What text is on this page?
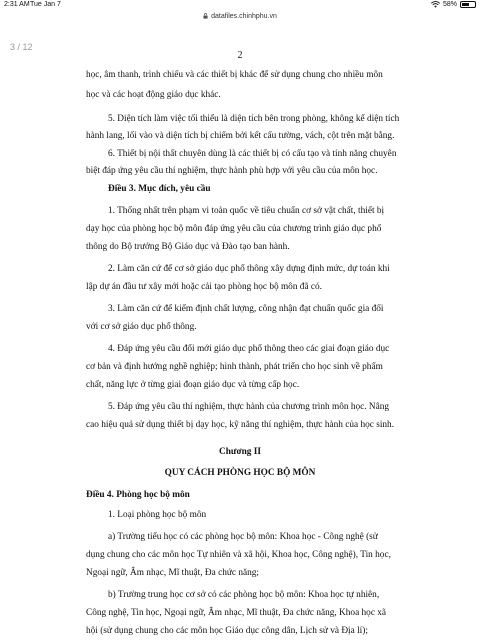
2:31 AM Tue Jan 7	58%
datafiles.chinhphu.vn
3 / 12
2
học, âm thanh, trình chiếu và các thiết bị khác để sử dụng chung cho nhiều môn
học và các hoạt động giáo dục khác.
5. Diện tích làm việc tối thiểu là diện tích bên trong phòng, không kể diện tích
hành lang, lối vào và diện tích bị chiếm bởi kết cấu tường, vách, cột trên mặt bằng.
6. Thiết bị nội thất chuyên dùng là các thiết bị có cấu tạo và tính năng chuyên
biệt đáp ứng yêu cầu thí nghiệm, thực hành phù hợp với yêu cầu của môn học.
Điều 3. Mục đích, yêu cầu
1. Thống nhất trên phạm vi toàn quốc về tiêu chuẩn cơ sở vật chất, thiết bị
dạy học của phòng học bộ môn đáp ứng yêu cầu của chương trình giáo dục phổ
thông do Bộ trưởng Bộ Giáo dục và Đào tạo ban hành.
2. Làm căn cứ để cơ sở giáo dục phổ thông xây dựng định mức, dự toán khi
lập dự án đầu tư xây mới hoặc cải tạo phòng học bộ môn đã có.
3. Làm căn cứ để kiểm định chất lượng, công nhận đạt chuẩn quốc gia đối
với cơ sở giáo dục phổ thông.
4. Đáp ứng yêu cầu đổi mới giáo dục phổ thông theo các giai đoạn giáo dục
cơ bản và định hướng nghề nghiệp; hình thành, phát triển cho học sinh về phẩm
chất, năng lực ở từng giai đoạn giáo dục và từng cấp học.
5. Đáp ứng yêu cầu thí nghiệm, thực hành của chương trình môn học. Nâng
cao hiệu quả sử dụng thiết bị dạy học, kỹ năng thí nghiệm, thực hành của học sinh.
Chương II
QUY CÁCH PHÒNG HỌC BỘ MÔN
Điều 4. Phòng học bộ môn
1. Loại phòng học bộ môn
a) Trường tiểu học có các phòng học bộ môn: Khoa học - Công nghệ (sử
dụng chung cho các môn học Tự nhiên và xã hội, Khoa học, Công nghệ), Tin học,
Ngoại ngữ, Âm nhạc, Mĩ thuật, Đa chức năng;
b) Trường trung học cơ sở có các phòng học bộ môn: Khoa học tự nhiên,
Công nghệ, Tin học, Ngoại ngữ, Âm nhạc, Mĩ thuật, Đa chức năng, Khoa học xã
hội (sử dụng chung cho các môn học Giáo dục công dân, Lịch sử và Địa lí);
